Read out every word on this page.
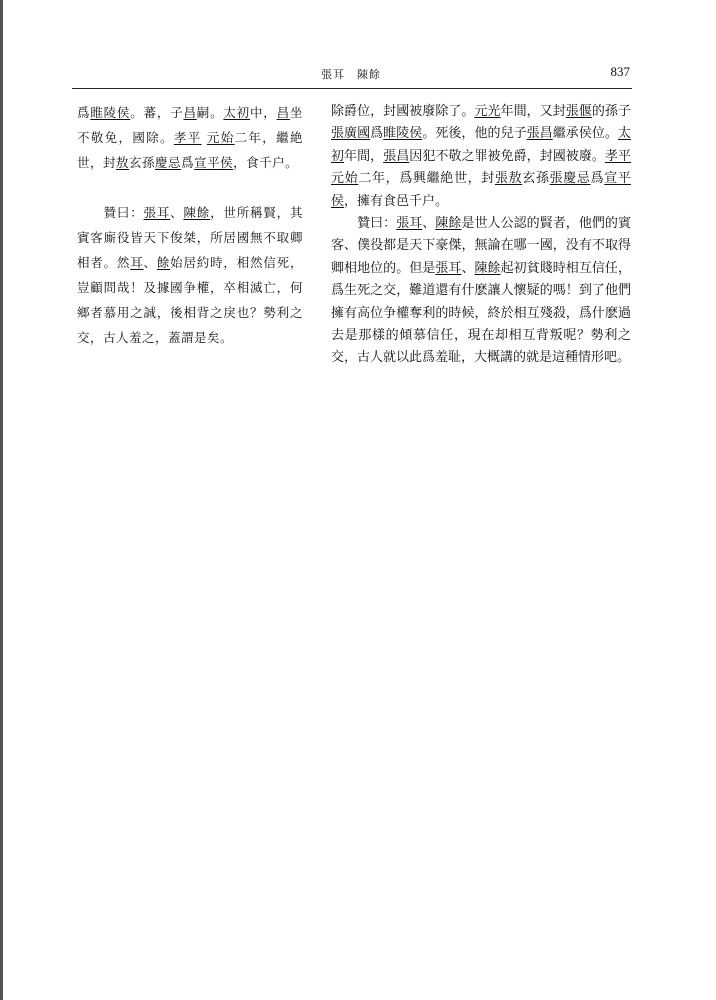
張耳　陳餘	837

爲睢陵侯。蕃，子昌嗣。太初中，昌坐不敬免，國除。孝平 元始二年，繼絶世，封敖玄孫慶忌爲宣平侯，食千户。

　　贊曰：張耳、陳餘，世所稱賢，其賓客廝役皆天下俊桀，所居國無不取卿相者。然耳、餘始居約時，相然信死，豈顧問哉！及據國争權，卒相滅亡，何鄉者慕用之誠，後相背之戾也？勢利之交，古人羞之，蓋謂是矣。

除爵位，封國被廢除了。元光年間，又封張偃的孫子張廣國爲睢陵侯。死後，他的兒子張昌繼承侯位。太初年間，張昌因犯不敬之罪被免爵，封國被廢。孝平 元始二年，爲興繼絶世，封張敖玄孫張慶忌爲宣平侯，擁有食邑千户。

　　贊曰：張耳、陳餘是世人公認的賢者，他們的賓客、僕役都是天下豪傑，無論在哪一國，没有不取得卿相地位的。但是張耳、陳餘起初貧賤時相互信任，爲生死之交，難道還有什麽讓人懷疑的嗎！到了他們擁有高位争權奪利的時候，終於相互殘殺，爲什麽過去是那樣的傾慕信任，現在却相互背叛呢？勢利之交，古人就以此爲羞耻，大概講的就是這種情形吧。
